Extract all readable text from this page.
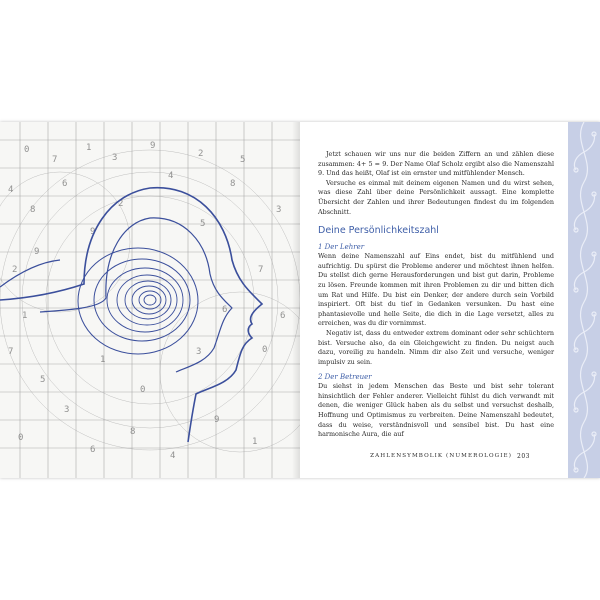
0
7
1
3
9
2
5
4
8
6
2
9
1
7
5
3
0
6
8
4
9
1
3
7
6
0
8
5
4
2
9
1
0
3
6

Jetzt schauen wir uns nur die beiden Ziffern an und zählen diese zusammen: 4+ 5 = 9. Der Name Olaf Scholz ergibt also die Namenszahl 9. Und das heißt, Olaf ist ein ernster und mitfühlender Mensch.

Versuche es einmal mit deinem eigenen Namen und du wirst sehen, was diese Zahl über deine Persönlichkeit aussagt. Eine komplette Übersicht der Zahlen und ihrer Bedeutungen findest du im folgenden Abschnitt.

Deine Persönlichkeitszahl
1 Der Lehrer

Wenn deine Namenszahl auf Eins endet, bist du mitfühlend und aufrichtig. Du spürst die Probleme anderer und möchtest ihnen helfen. Du stellst dich gerne Herausforderungen und bist gut darin, Probleme zu lösen. Freunde kommen mit ihren Problemen zu dir und bitten dich um Rat und Hilfe. Du bist ein Denker, der andere durch sein Vorbild inspiriert. Oft bist du tief in Gedanken versunken. Du hast eine phantasievolle und helle Seite, die dich in die Lage versetzt, alles zu erreichen, was du dir vornimmst.

Negativ ist, dass du entweder extrem dominant oder sehr schüchtern bist. Versuche also, da ein Gleichgewicht zu finden. Du neigst auch dazu, voreilig zu handeln. Nimm dir also Zeit und versuche, weniger impulsiv zu sein.

2 Der Betreuer

Du siehst in jedem Menschen das Beste und bist sehr tolerant hinsichtlich der Fehler anderer. Vielleicht fühlst du dich verwandt mit denen, die weniger Glück haben als du selbst und versuchst deshalb, Hoffnung und Optimismus zu verbreiten. Deine Namenszahl bedeutet, dass du weise, verständnisvoll und sensibel bist. Du hast eine harmonische Aura, die auf

ZAHLENSYMBOLIK (NUMEROLOGIE) 203
